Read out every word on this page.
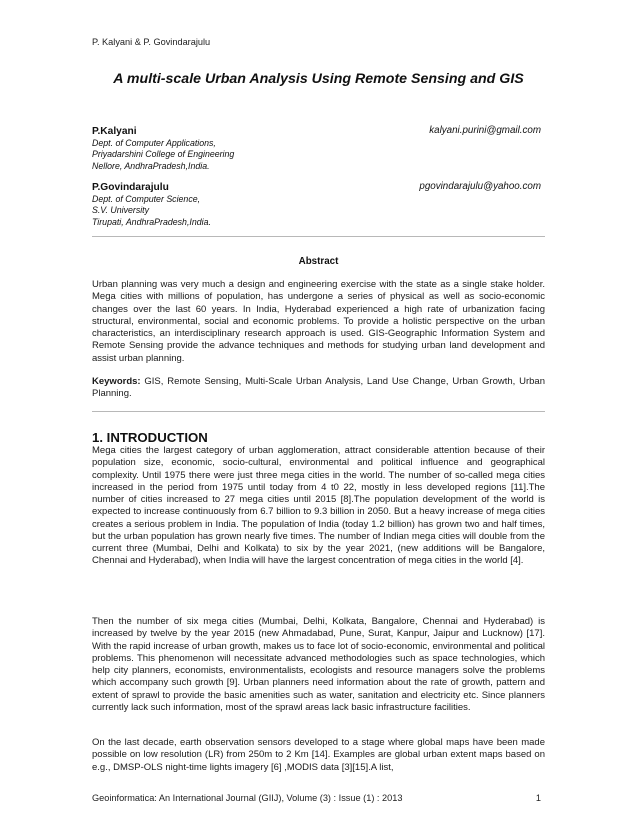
P. Kalyani & P. Govindarajulu
A multi-scale Urban Analysis Using Remote Sensing and GIS
P.Kalyani	kalyani.purini@gmail.com
Dept. of Computer Applications,
Priyadarshini College of Engineering
Nellore, AndhraPradesh,India.
P.Govindarajulu	pgovindarajulu@yahoo.com
Dept. of Computer Science,
S.V. University
Tirupati, AndhraPradesh,India.
Abstract
Urban planning was very much a design and engineering exercise with the state as a single stake holder. Mega cities with millions of population, has undergone a series of physical as well as socio-economic changes over the last 60 years. In India, Hyderabad experienced a high rate of urbanization facing structural, environmental, social and economic problems. To provide a holistic perspective on the urban characteristics, an interdisciplinary research approach is used. GIS-Geographic Information System and Remote Sensing provide the advance techniques and methods for studying urban land development and assist urban planning.
Keywords: GIS, Remote Sensing, Multi-Scale Urban Analysis, Land Use Change, Urban Growth, Urban Planning.
1. INTRODUCTION
Mega cities the largest category of urban agglomeration, attract considerable attention because of their population size, economic, socio-cultural, environmental and political influence and geographical complexity. Until 1975 there were just three mega cities in the world. The number of so-called mega cities increased in the period from 1975 until today from 4 t0 22, mostly in less developed regions [11].The number of cities increased to 27 mega cities until 2015 [8].The population development of the world is expected to increase continuously from 6.7 billion to 9.3 billion in 2050. But a heavy increase of mega cities creates a serious problem in India. The population of India (today 1.2 billion) has grown two and half times, but the urban population has grown nearly five times. The number of Indian mega cities will double from the current three (Mumbai, Delhi and Kolkata) to six by the year 2021, (new additions will be Bangalore, Chennai and Hyderabad), when India will have the largest concentration of mega cities in the world [4].
Then the number of six mega cities (Mumbai, Delhi, Kolkata, Bangalore, Chennai and Hyderabad) is increased by twelve by the year 2015 (new Ahmadabad, Pune, Surat, Kanpur, Jaipur and Lucknow) [17]. With the rapid increase of urban growth, makes us to face lot of socio-economic, environmental and political problems. This phenomenon will necessitate advanced methodologies such as space technologies, which help city planners, economists, environmentalists, ecologists and resource managers solve the problems which accompany such growth [9]. Urban planners need information about the rate of growth, pattern and extent of sprawl to provide the basic amenities such as water, sanitation and electricity etc. Since planners currently lack such information, most of the sprawl areas lack basic infrastructure facilities.
On the last decade, earth observation sensors developed to a stage where global maps have been made possible on low resolution (LR) from 250m to 2 Km [14]. Examples are global urban extent maps based on e.g., DMSP-OLS night-time lights imagery [6] ,MODIS data [3][15].A list,
Geoinformatica: An International Journal (GIIJ), Volume (3) : Issue (1) : 2013	1
